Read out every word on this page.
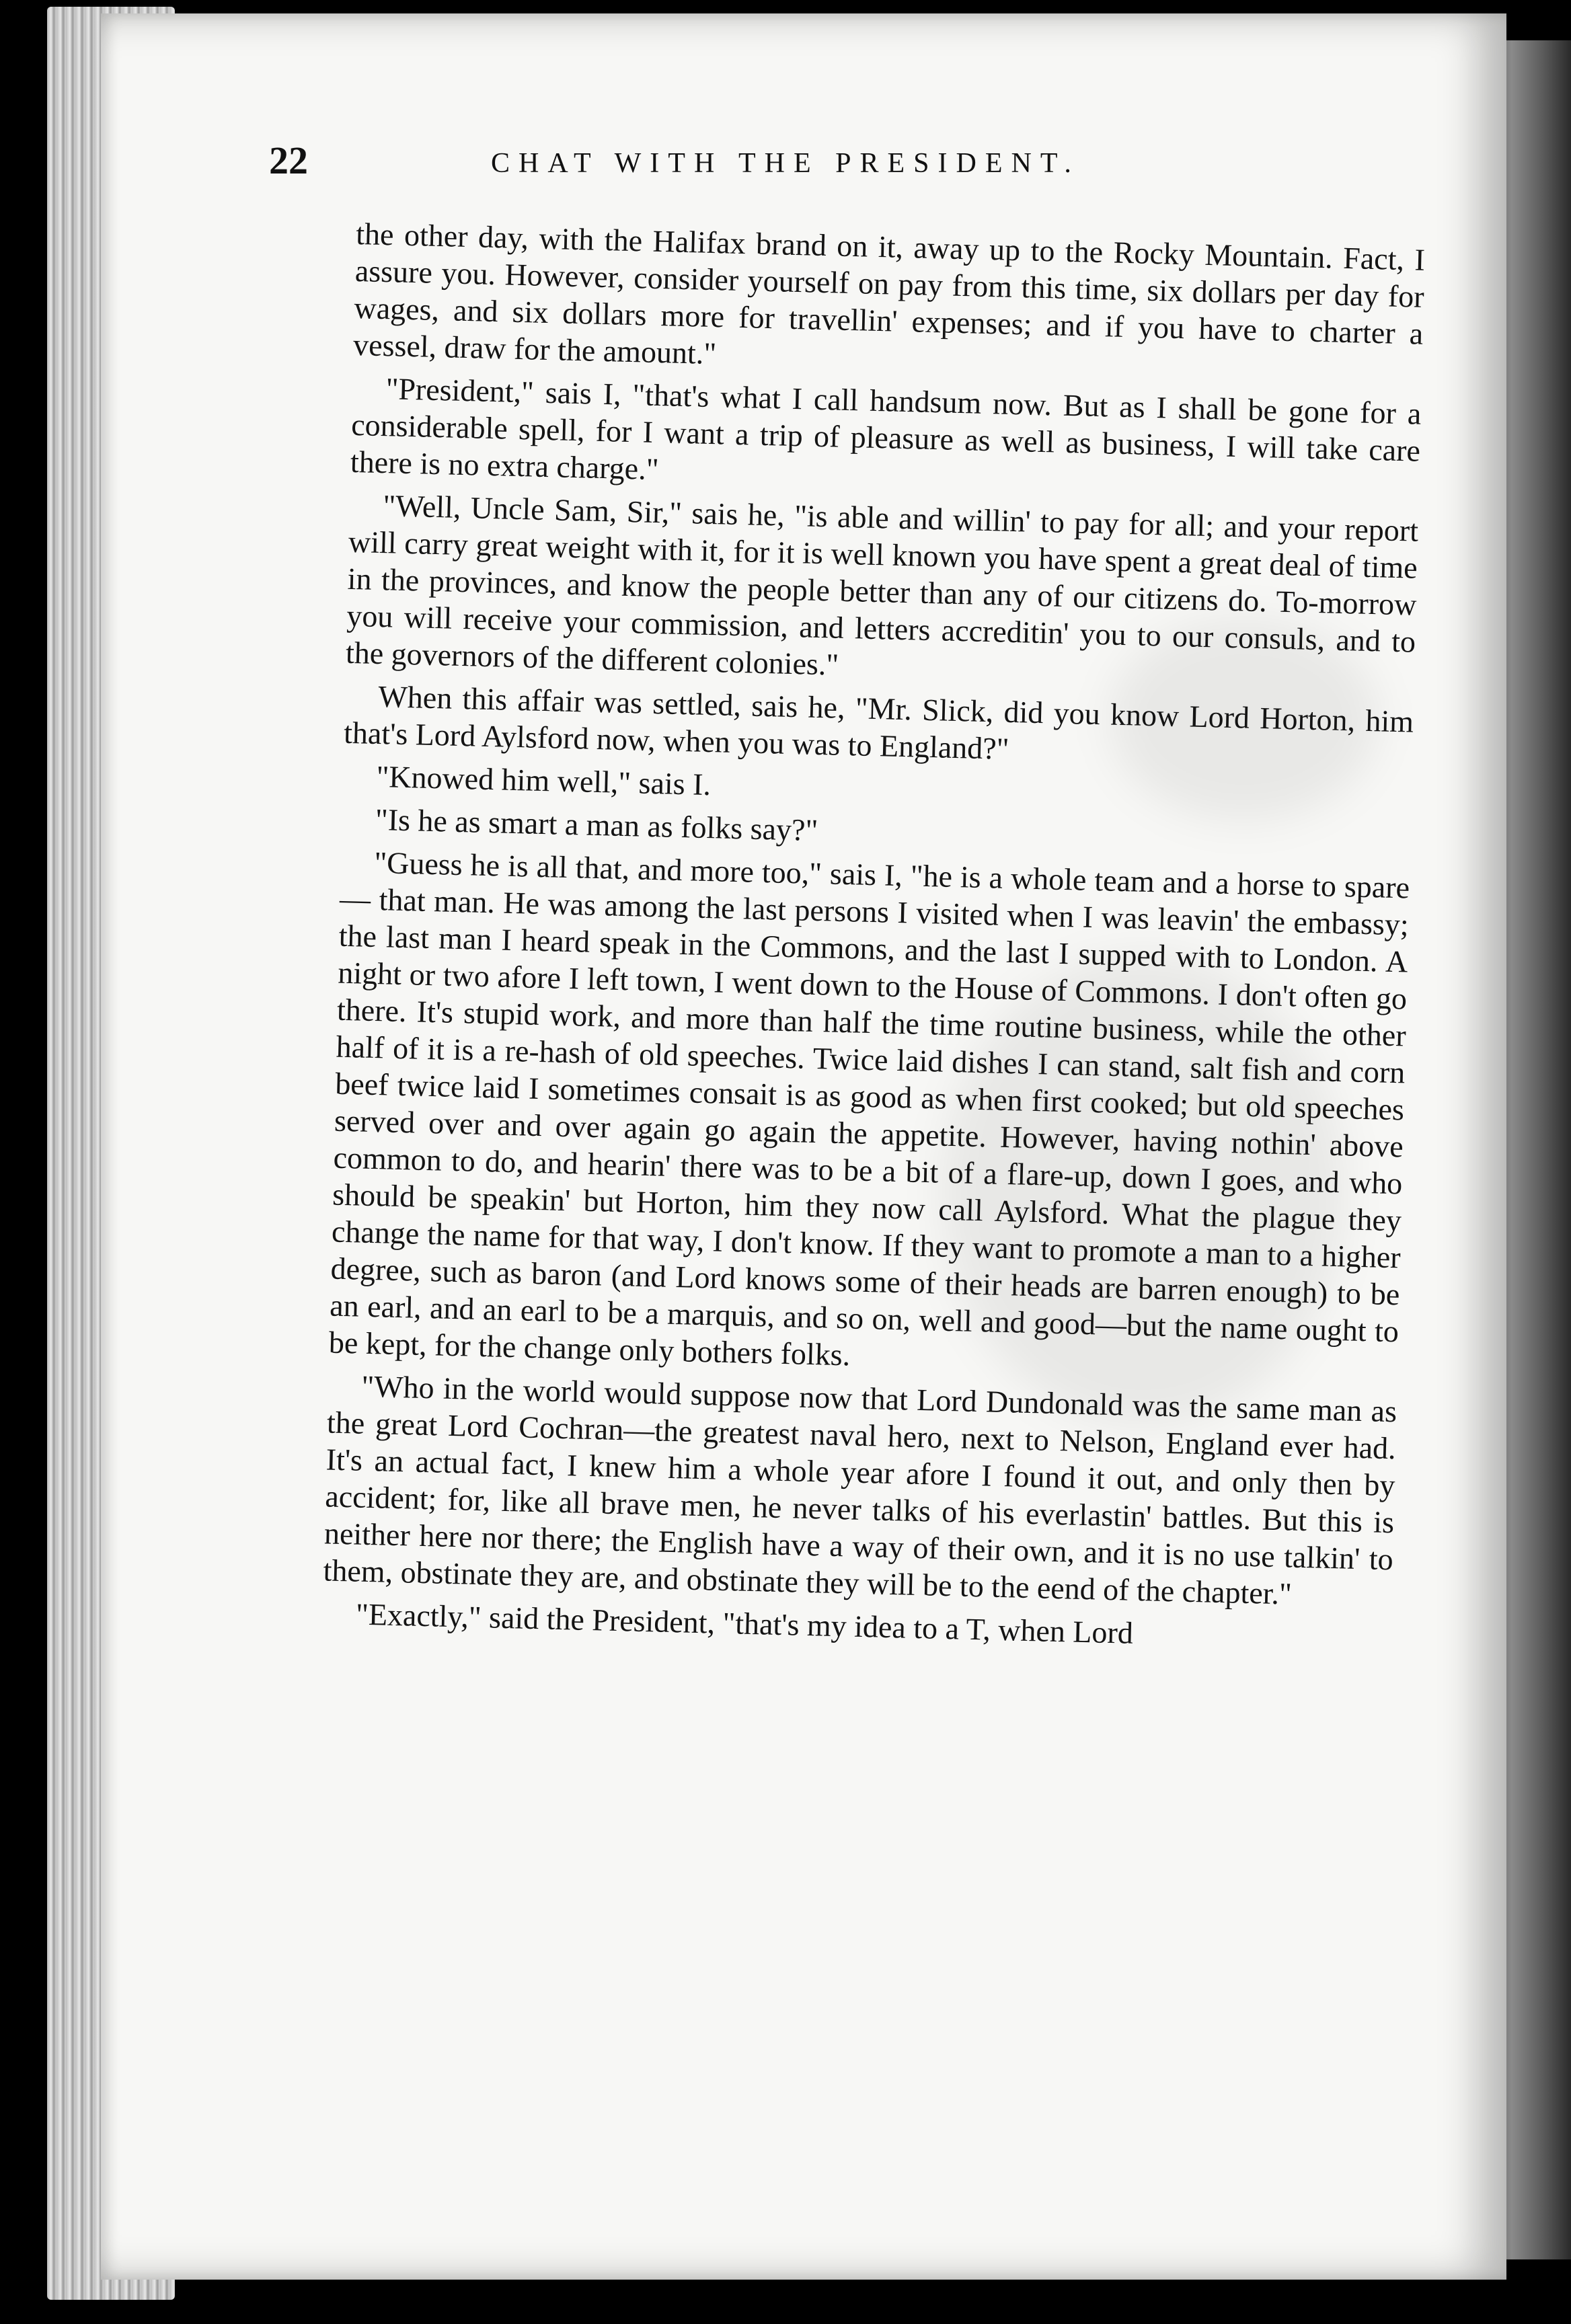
22	CHAT WITH THE PRESIDENT.

the other day, with the Halifax brand on it, away up to the Rocky Mountain. Fact, I assure you. However, consider yourself on pay from this time, six dollars per day for wages, and six dollars more for travellin' expenses; and if you have to charter a vessel, draw for the amount."

"President," sais I, "that's what I call handsum now. But as I shall be gone for a considerable spell, for I want a trip of pleasure as well as business, I will take care there is no extra charge."

"Well, Uncle Sam, Sir," sais he, "is able and willin' to pay for all; and your report will carry great weight with it, for it is well known you have spent a great deal of time in the provinces, and know the people better than any of our citizens do. To-morrow you will receive your commission, and letters accreditin' you to our consuls, and to the governors of the different colonies."

When this affair was settled, sais he, "Mr. Slick, did you know Lord Horton, him that's Lord Aylsford now, when you was to England?"

"Knowed him well," sais I.

"Is he as smart a man as folks say?"

"Guess he is all that, and more too," sais I, "he is a whole team and a horse to spare — that man. He was among the last persons I visited when I was leavin' the embassy; the last man I heard speak in the Commons, and the last I supped with to London. A night or two afore I left town, I went down to the House of Commons. I don't often go there. It's stupid work, and more than half the time routine business, while the other half of it is a re-hash of old speeches. Twice laid dishes I can stand, salt fish and corn beef twice laid I sometimes consait is as good as when first cooked; but old speeches served over and over again go again the appetite. However, having nothin' above common to do, and hearin' there was to be a bit of a flare-up, down I goes, and who should be speakin' but Horton, him they now call Aylsford. What the plague they change the name for that way, I don't know. If they want to promote a man to a higher degree, such as baron (and Lord knows some of their heads are barren enough) to be an earl, and an earl to be a marquis, and so on, well and good—but the name ought to be kept, for the change only bothers folks.

"Who in the world would suppose now that Lord Dundonald was the same man as the great Lord Cochran—the greatest naval hero, next to Nelson, England ever had. It's an actual fact, I knew him a whole year afore I found it out, and only then by accident; for, like all brave men, he never talks of his everlastin' battles. But this is neither here nor there; the English have a way of their own, and it is no use talkin' to them, obstinate they are, and obstinate they will be to the eend of the chapter."

"Exactly," said the President, "that's my idea to a T, when Lord
